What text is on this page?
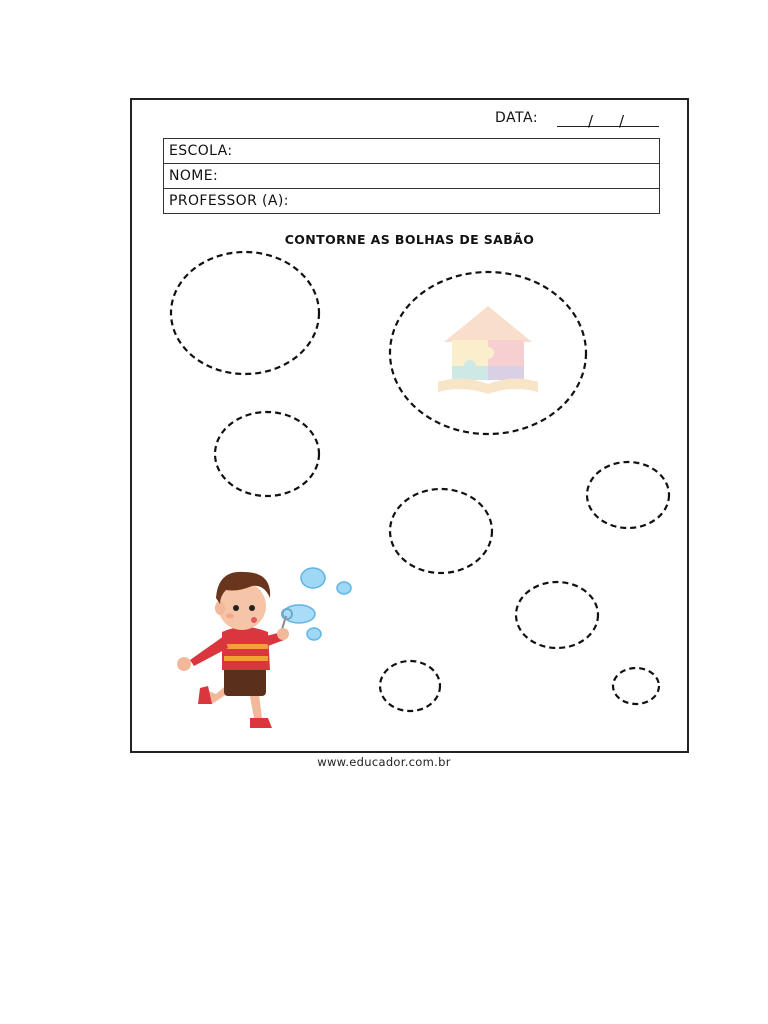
DATA:	/ /
ESCOLA:
NOME:
PROFESSOR (A):
CONTORNE AS BOLHAS DE SABÃO
www.educador.com.br
